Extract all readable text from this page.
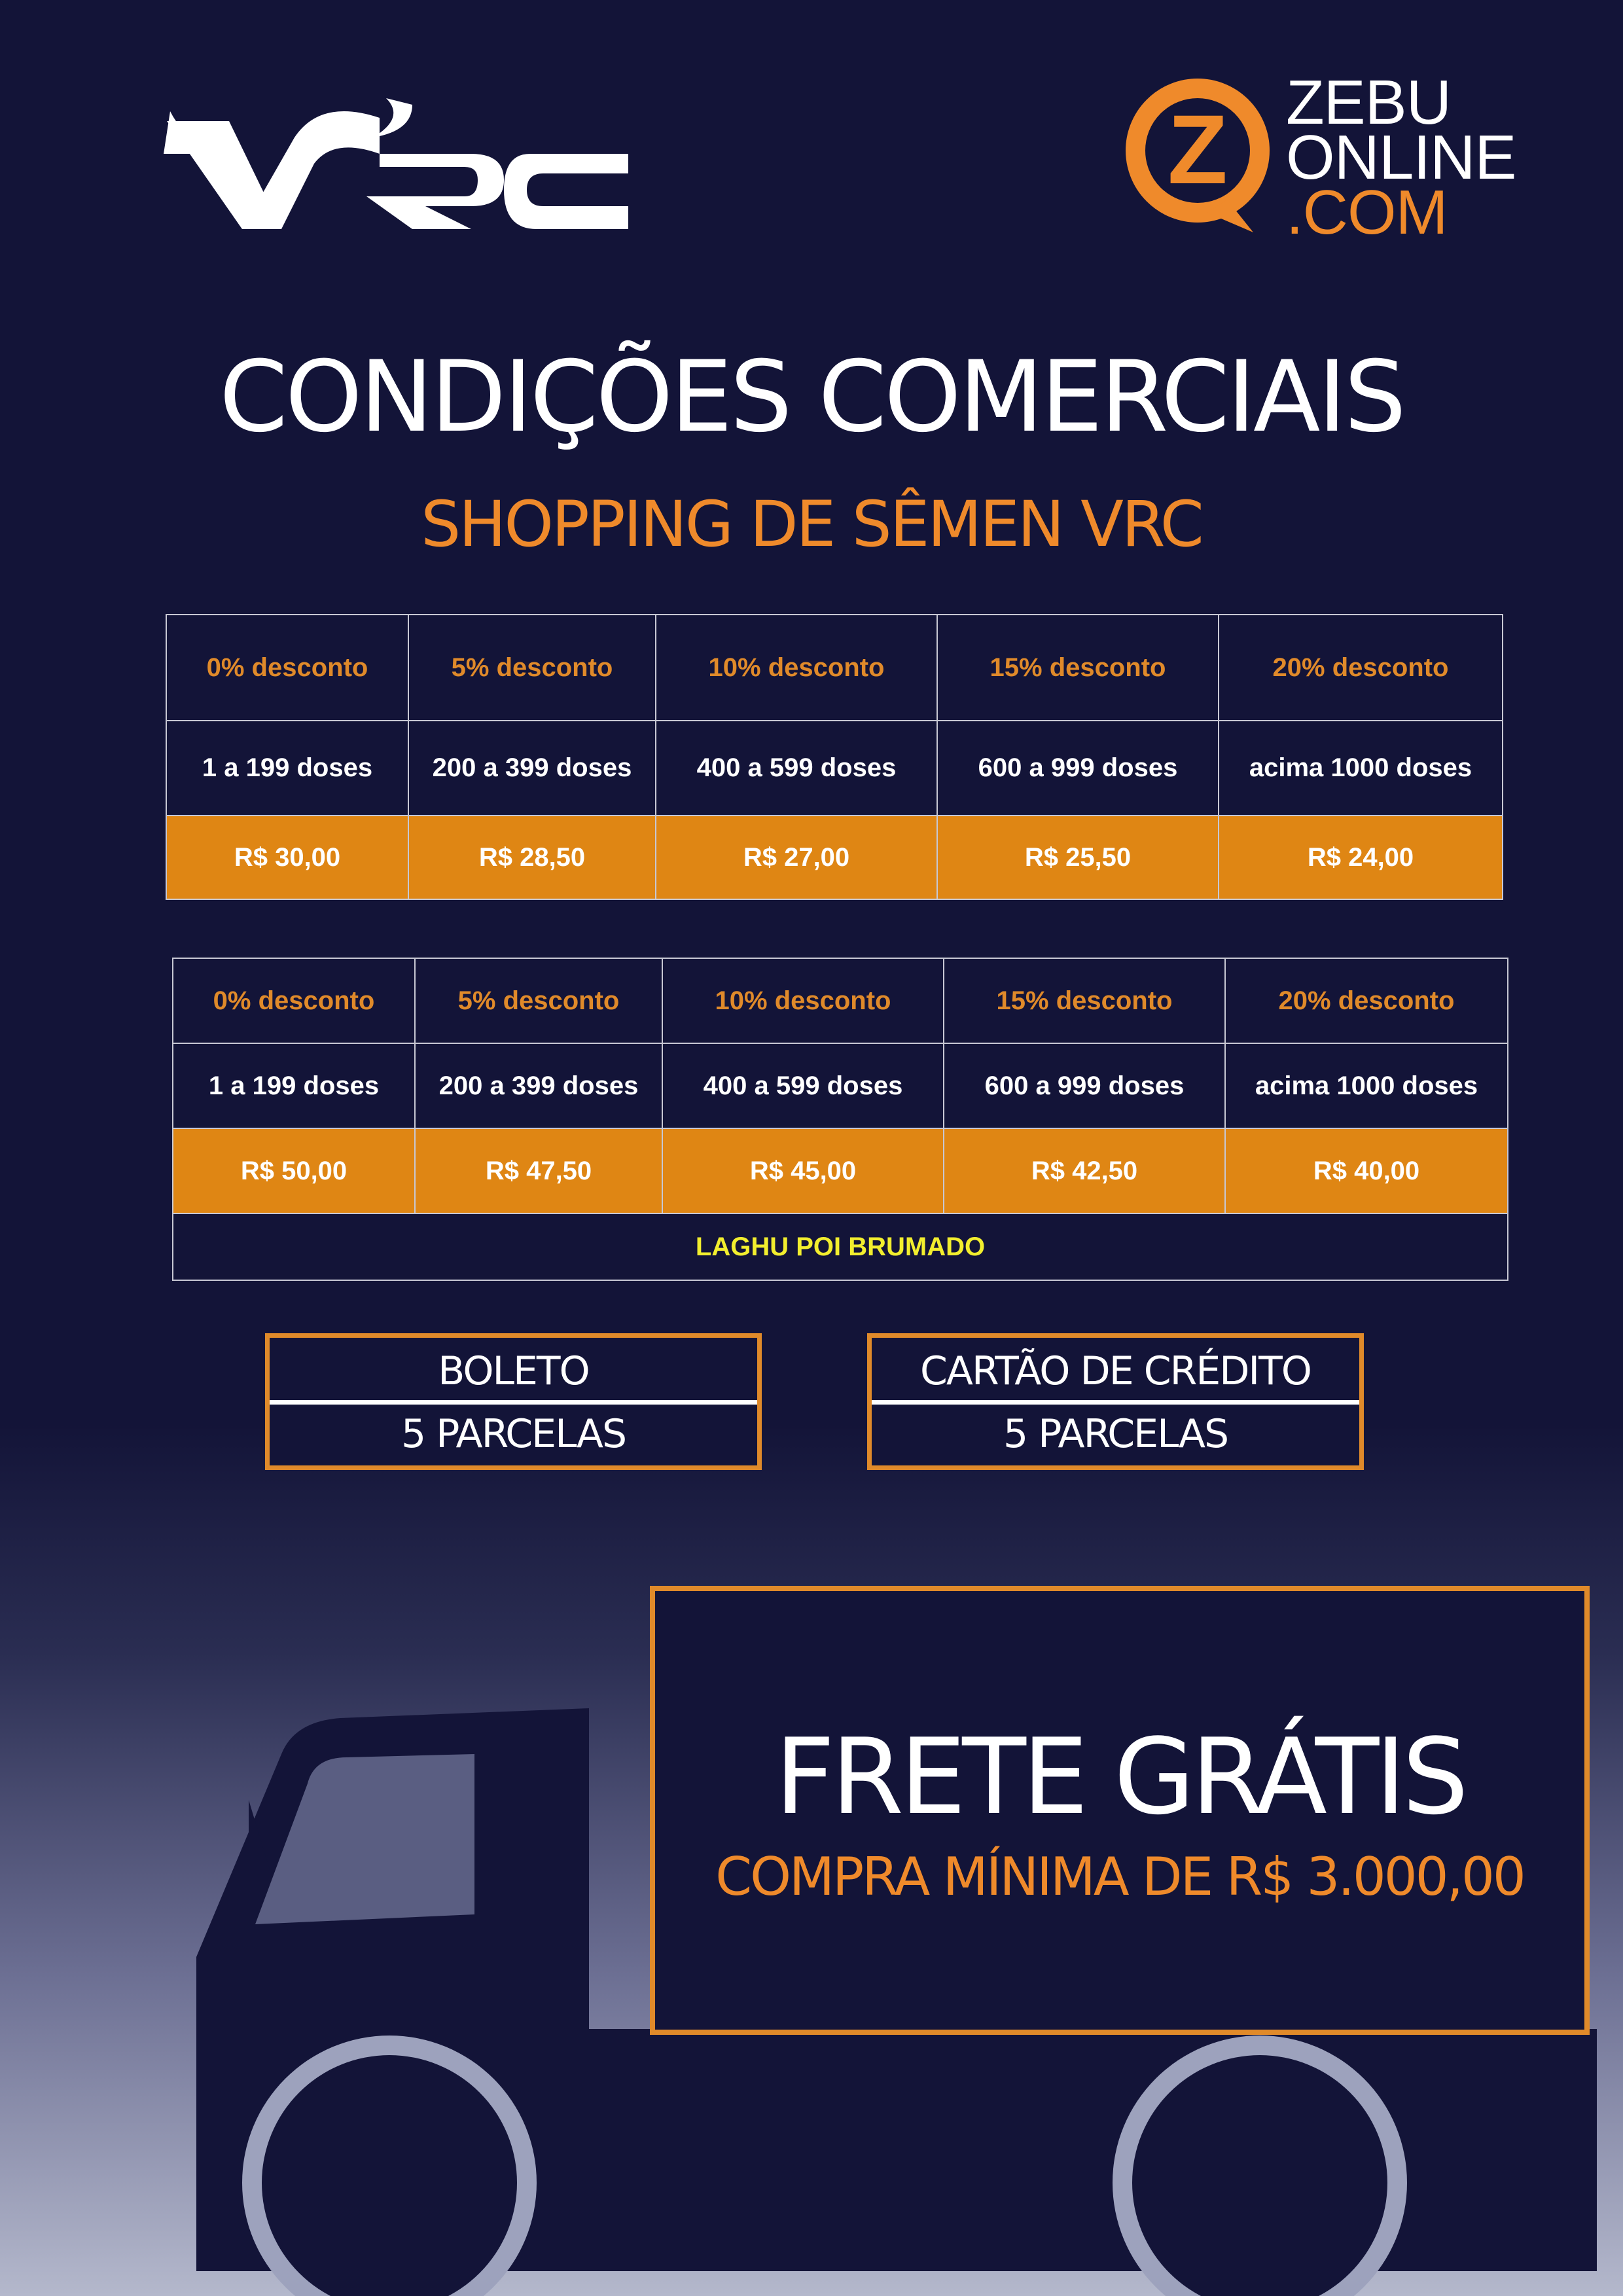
Z ZEBU
ONLINE
.COM
CONDIÇÕES COMERCIAIS
SHOPPING DE SÊMEN VRC
0% desconto	5% desconto	10% desconto	15% desconto	20% desconto
1 a 199 doses	200 a 399 doses	400 a 599 doses	600 a 999 doses	acima 1000 doses
R$ 30,00	R$ 28,50	R$ 27,00	R$ 25,50	R$ 24,00
0% desconto	5% desconto	10% desconto	15% desconto	20% desconto
1 a 199 doses	200 a 399 doses	400 a 599 doses	600 a 999 doses	acima 1000 doses
R$ 50,00	R$ 47,50	R$ 45,00	R$ 42,50	R$ 40,00
LAGHU POI BRUMADO				
BOLETO
5 PARCELAS
CARTÃO DE CRÉDITO
5 PARCELAS
FRETE GRÁTIS

COMPRA MÍNIMA DE R$ 3.000,00
